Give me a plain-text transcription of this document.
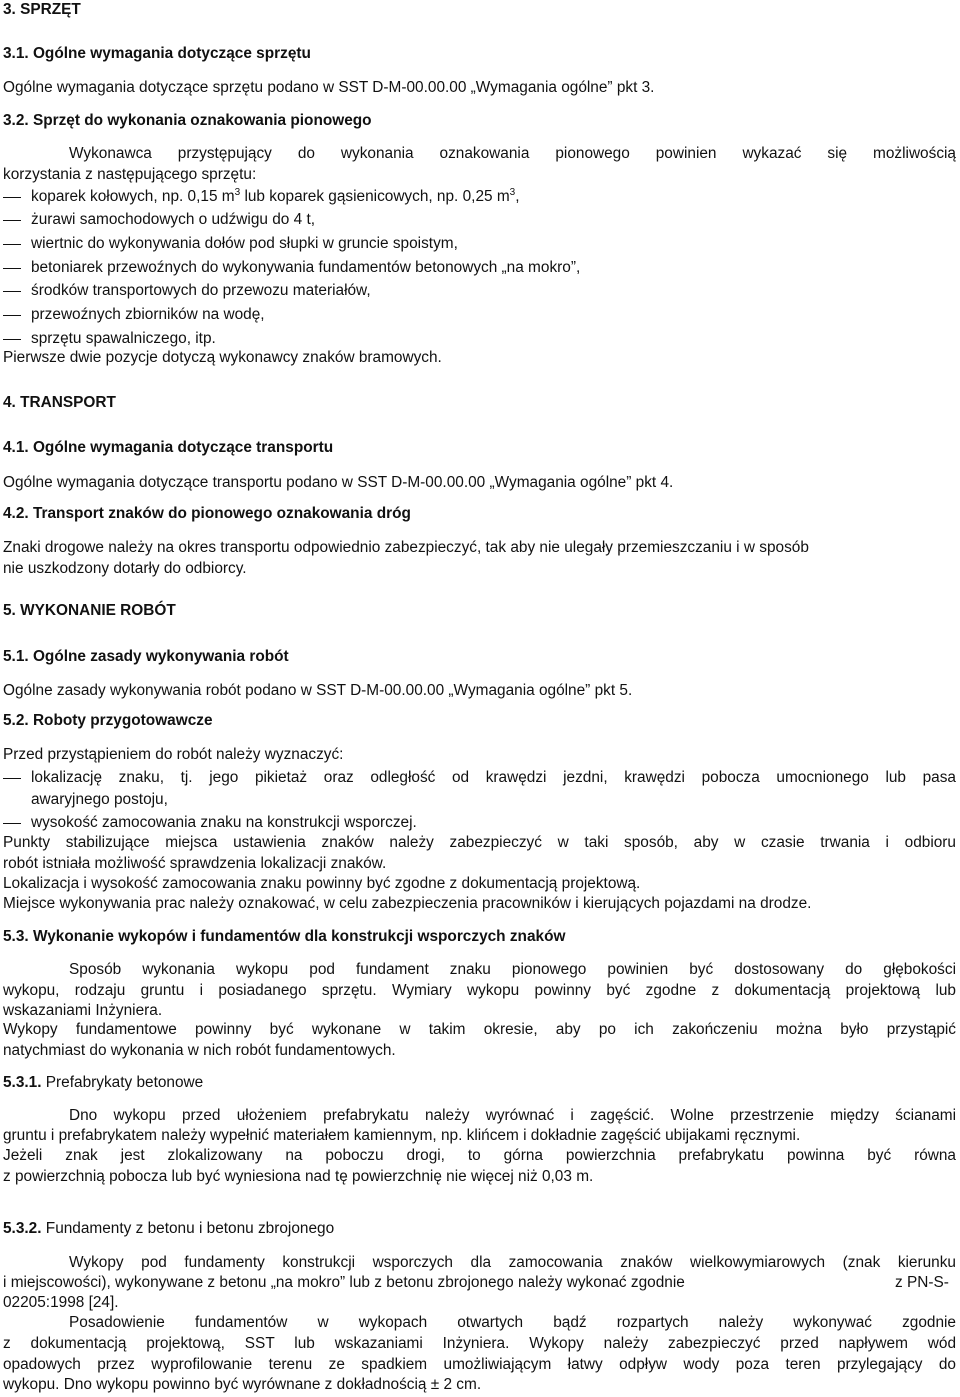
3. SPRZĘT
3.1. Ogólne wymagania dotyczące sprzętu
Ogólne wymagania dotyczące sprzętu podano w SST D-M-00.00.00 „Wymagania ogólne” pkt 3.
3.2. Sprzęt do wykonania oznakowania pionowego
Wykonawca przystępujący do wykonania oznakowania pionowego powinien wykazać się możliwością
korzystania z następującego sprzętu:
koparek kołowych, np. 0,15 $m^3$ lub koparek gąsienicowych, np. 0,25 $m^3$,
żurawi samochodowych o udźwigu do 4 t,
wiertnic do wykonywania dołów pod słupki w gruncie spoistym,
betoniarek przewoźnych do wykonywania fundamentów betonowych „na mokro”,
środków transportowych do przewozu materiałów,
przewoźnych zbiorników na wodę,
sprzętu spawalniczego, itp.
Pierwsze dwie pozycje dotyczą wykonawcy znaków bramowych.
4. TRANSPORT
4.1. Ogólne wymagania dotyczące transportu
Ogólne wymagania dotyczące transportu podano w SST D-M-00.00.00 „Wymagania ogólne” pkt 4.
4.2. Transport znaków do pionowego oznakowania dróg
Znaki drogowe należy na okres transportu odpowiednio zabezpieczyć, tak aby nie ulegały przemieszczaniu i w sposób
nie uszkodzony dotarły do odbiorcy.
5. WYKONANIE ROBÓT
5.1. Ogólne zasady wykonywania robót
Ogólne zasady wykonywania robót podano w SST D-M-00.00.00 „Wymagania ogólne” pkt 5.
5.2. Roboty przygotowawcze
Przed przystąpieniem do robót należy wyznaczyć:
lokalizację znaku, tj. jego pikietaż oraz odległość od krawędzi jezdni, krawędzi pobocza umocnionego lub pasa
awaryjnego postoju,
wysokość zamocowania znaku na konstrukcji wsporczej.
Punkty stabilizujące miejsca ustawienia znaków należy zabezpieczyć w taki sposób, aby w czasie trwania i odbioru
robót istniała możliwość sprawdzenia lokalizacji znaków.
Lokalizacja i wysokość zamocowania znaku powinny być zgodne z dokumentacją projektową.
Miejsce wykonywania prac należy oznakować, w celu zabezpieczenia pracowników i kierujących pojazdami na drodze.
5.3. Wykonanie wykopów i fundamentów dla konstrukcji wsporczych znaków
Sposób wykonania wykopu pod fundament znaku pionowego powinien być dostosowany do głębokości
wykopu, rodzaju gruntu i posiadanego sprzętu. Wymiary wykopu powinny być zgodne z dokumentacją projektową lub
wskazaniami Inżyniera.
Wykopy fundamentowe powinny być wykonane w takim okresie, aby po ich zakończeniu można było przystąpić
natychmiast do wykonania w nich robót fundamentowych.
5.3.1. Prefabrykaty betonowe
Dno wykopu przed ułożeniem prefabrykatu należy wyrównać i zagęścić. Wolne przestrzenie między ścianami
gruntu i prefabrykatem należy wypełnić materiałem kamiennym, np. klińcem i dokładnie zagęścić ubijakami ręcznymi.
Jeżeli znak jest zlokalizowany na poboczu drogi, to górna powierzchnia prefabrykatu powinna być równa
z powierzchnią pobocza lub być wyniesiona nad tę powierzchnię nie więcej niż 0,03 m.
5.3.2. Fundamenty z betonu i betonu zbrojonego
Wykopy pod fundamenty konstrukcji wsporczych dla zamocowania znaków wielkowymiarowych (znak kierunku
i miejscowości), wykonywane z betonu „na mokro” lub z betonu zbrojonego należy wykonać zgodnie	z PN-S-
02205:1998 [24].
Posadowienie fundamentów w wykopach otwartych bądź rozpartych należy wykonywać zgodnie
z dokumentacją projektową, SST lub wskazaniami Inżyniera. Wykopy należy zabezpieczyć przed napływem wód
opadowych przez wyprofilowanie terenu ze spadkiem umożliwiającym łatwy odpływ wody poza teren przylegający do
wykopu. Dno wykopu powinno być wyrównane z dokładnością ± 2 cm.
